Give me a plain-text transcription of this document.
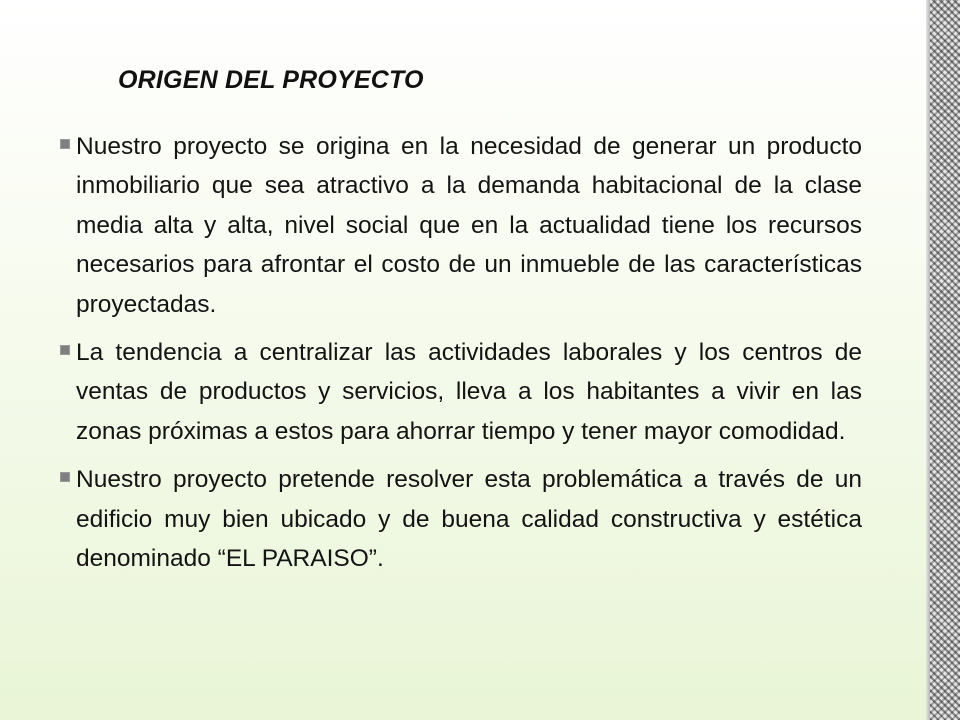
ORIGEN DEL PROYECTO
Nuestro proyecto se origina en la necesidad de generar un producto inmobiliario que sea atractivo a la demanda habitacional de la clase media alta y alta, nivel social que en la actualidad tiene los recursos necesarios para afrontar el costo de un inmueble de las características proyectadas.
La tendencia a centralizar las actividades laborales y los centros de ventas de productos y servicios, lleva a los habitantes a vivir en las zonas próximas a estos para ahorrar tiempo y tener mayor comodidad.
Nuestro proyecto pretende resolver esta problemática a través de un edificio muy bien ubicado y de buena calidad constructiva y estética denominado “EL PARAISO”.
